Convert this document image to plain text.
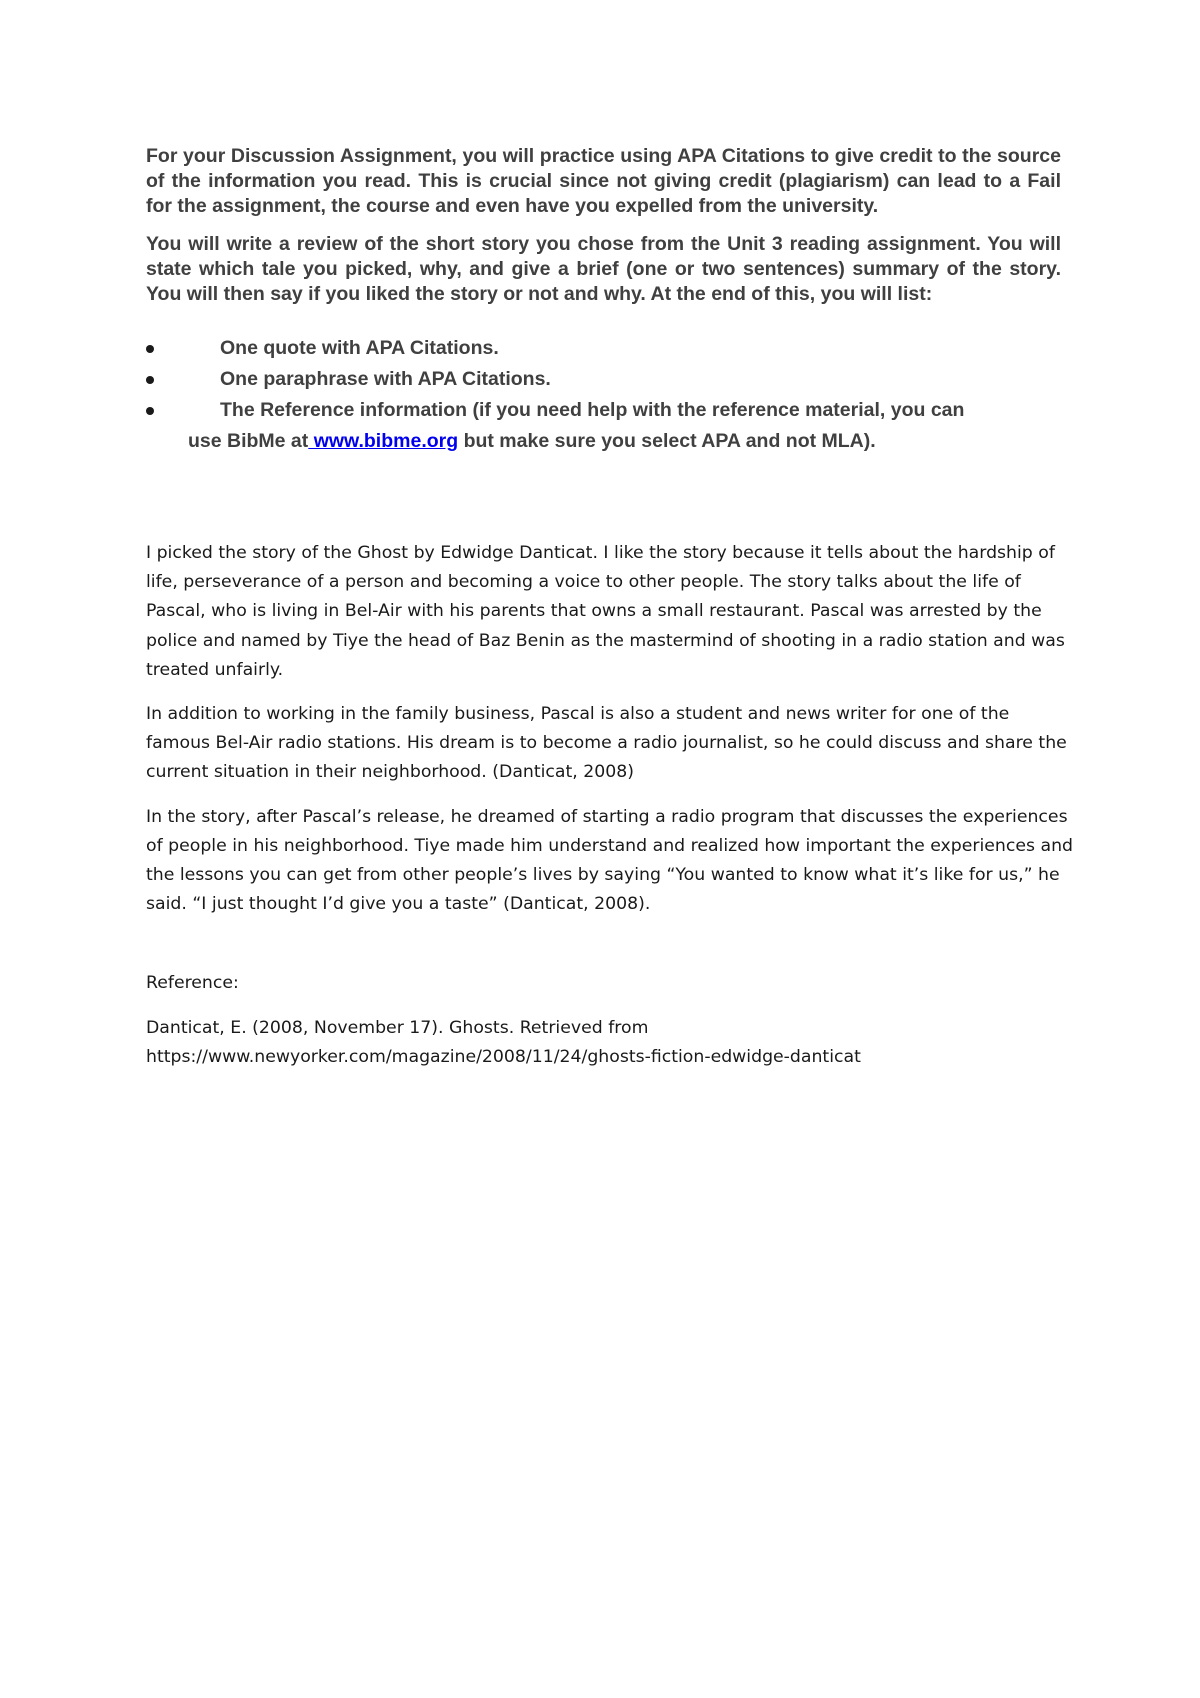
For your Discussion Assignment, you will practice using APA Citations to give credit to the source of the information you read. This is crucial since not giving credit (plagiarism) can lead to a Fail for the assignment, the course and even have you expelled from the university.

You will write a review of the short story you chose from the Unit 3 reading assignment. You will state which tale you picked, why, and give a brief (one or two sentences) summary of the story. You will then say if you liked the story or not and why. At the end of this, you will list:

One quote with APA Citations.
One paraphrase with APA Citations.
The Reference information (if you need help with the reference material, you can
use BibMe at www.bibme.org but make sure you select APA and not MLA).

I picked the story of the Ghost by Edwidge Danticat. I like the story because it tells about the hardship of life, perseverance of a person and becoming a voice to other people. The story talks about the life of Pascal, who is living in Bel-Air with his parents that owns a small restaurant. Pascal was arrested by the police and named by Tiye the head of Baz Benin as the mastermind of shooting in a radio station and was treated unfairly.

In addition to working in the family business, Pascal is also a student and news writer for one of the famous Bel-Air radio stations. His dream is to become a radio journalist, so he could discuss and share the current situation in their neighborhood. (Danticat, 2008)

In the story, after Pascal’s release, he dreamed of starting a radio program that discusses the experiences of people in his neighborhood. Tiye made him understand and realized how important the experiences and the lessons you can get from other people’s lives by saying “You wanted to know what it’s like for us,” he said. “I just thought I’d give you a taste” (Danticat, 2008).

Reference:

Danticat, E. (2008, November 17). Ghosts. Retrieved from
https://www.newyorker.com/magazine/2008/11/24/ghosts-fiction-edwidge-danticat
